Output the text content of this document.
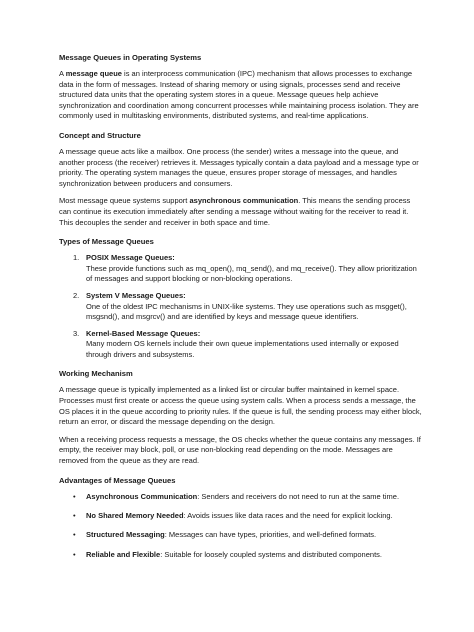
Message Queues in Operating Systems

A message queue is an interprocess communication (IPC) mechanism that allows processes to exchange data in the form of messages. Instead of sharing memory or using signals, processes send and receive structured data units that the operating system stores in a queue. Message queues help achieve synchronization and coordination among concurrent processes while maintaining process isolation. They are commonly used in multitasking environments, distributed systems, and real-time applications.

Concept and Structure

A message queue acts like a mailbox. One process (the sender) writes a message into the queue, and another process (the receiver) retrieves it. Messages typically contain a data payload and a message type or priority. The operating system manages the queue, ensures proper storage of messages, and handles synchronization between producers and consumers.

Most message queue systems support asynchronous communication. This means the sending process can continue its execution immediately after sending a message without waiting for the receiver to read it. This decouples the sender and receiver in both space and time.

Types of Message Queues
1. POSIX Message Queues:
These provide functions such as mq_open(), mq_send(), and mq_receive(). They allow prioritization of messages and support blocking or non-blocking operations.
2. System V Message Queues:
One of the oldest IPC mechanisms in UNIX-like systems. They use operations such as msgget(), msgsnd(), and msgrcv() and are identified by keys and message queue identifiers.
3. Kernel-Based Message Queues:
Many modern OS kernels include their own queue implementations used internally or exposed through drivers and subsystems.
Working Mechanism

A message queue is typically implemented as a linked list or circular buffer maintained in kernel space. Processes must first create or access the queue using system calls. When a process sends a message, the OS places it in the queue according to priority rules. If the queue is full, the sending process may either block, return an error, or discard the message depending on the design.

When a receiving process requests a message, the OS checks whether the queue contains any messages. If empty, the receiver may block, poll, or use non-blocking read depending on the mode. Messages are removed from the queue as they are read.

Advantages of Message Queues
• Asynchronous Communication: Senders and receivers do not need to run at the same time.
• No Shared Memory Needed: Avoids issues like data races and the need for explicit locking.
• Structured Messaging: Messages can have types, priorities, and well-defined formats.
• Reliable and Flexible: Suitable for loosely coupled systems and distributed components.
